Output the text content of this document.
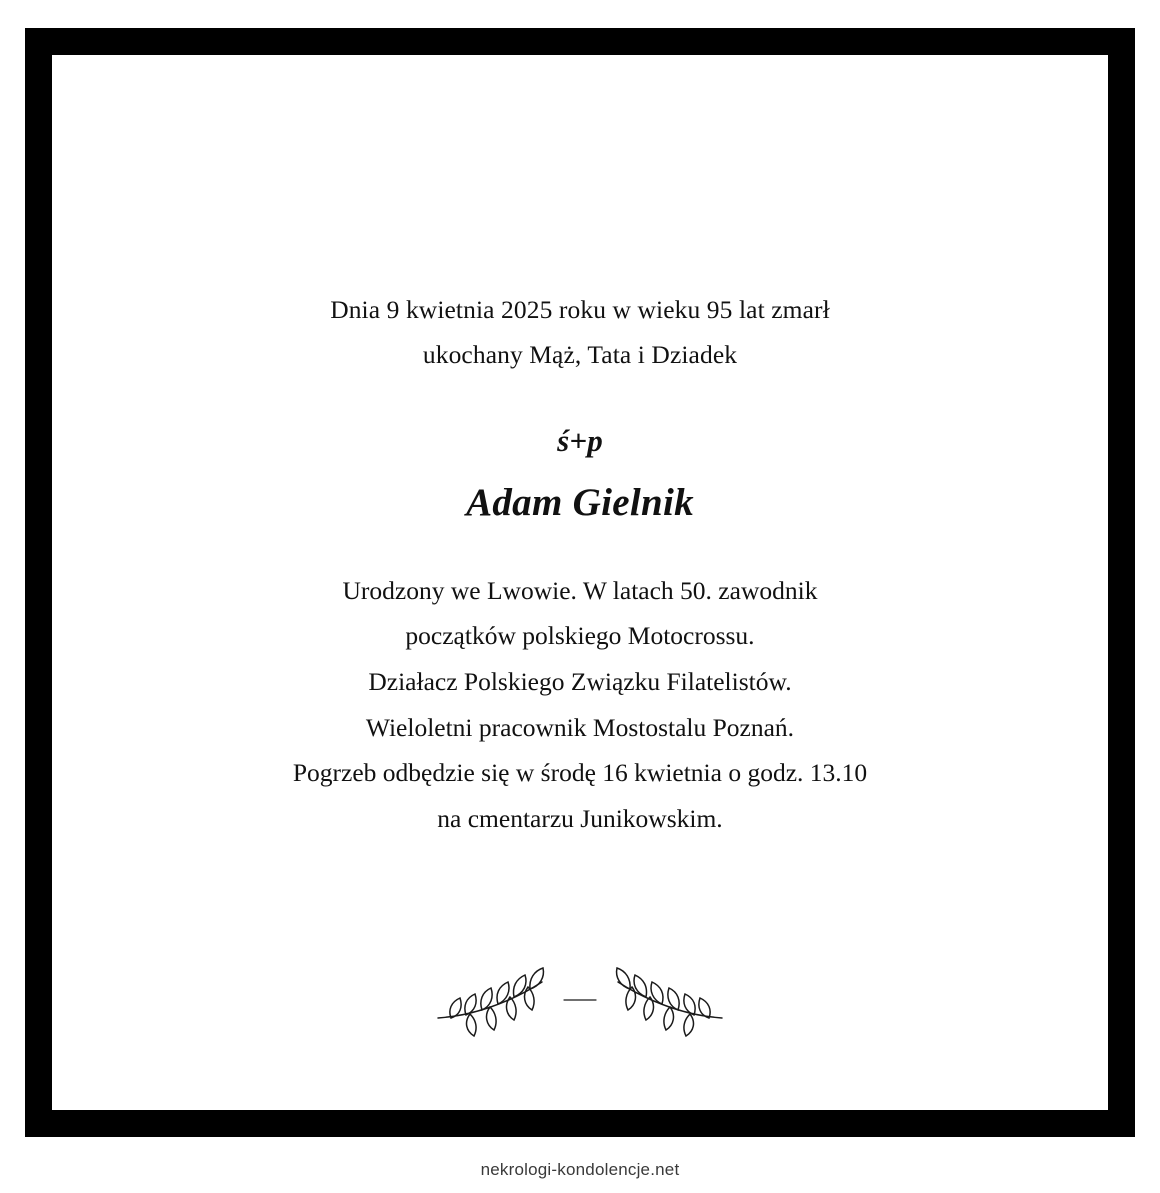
Dnia 9 kwietnia 2025 roku w wieku 95 lat zmarł
ukochany Mąż, Tata i Dziadek
ś+p
Adam Gielnik
Urodzony we Lwowie. W latach 50. zawodnik
początków polskiego Motocrossu.
Działacz Polskiego Związku Filatelistów.
Wieloletni pracownik Mostostalu Poznań.
Pogrzeb odbędzie się w środę 16 kwietnia o godz. 13.10
na cmentarzu Junikowskim.
nekrologi-kondolencje.net
